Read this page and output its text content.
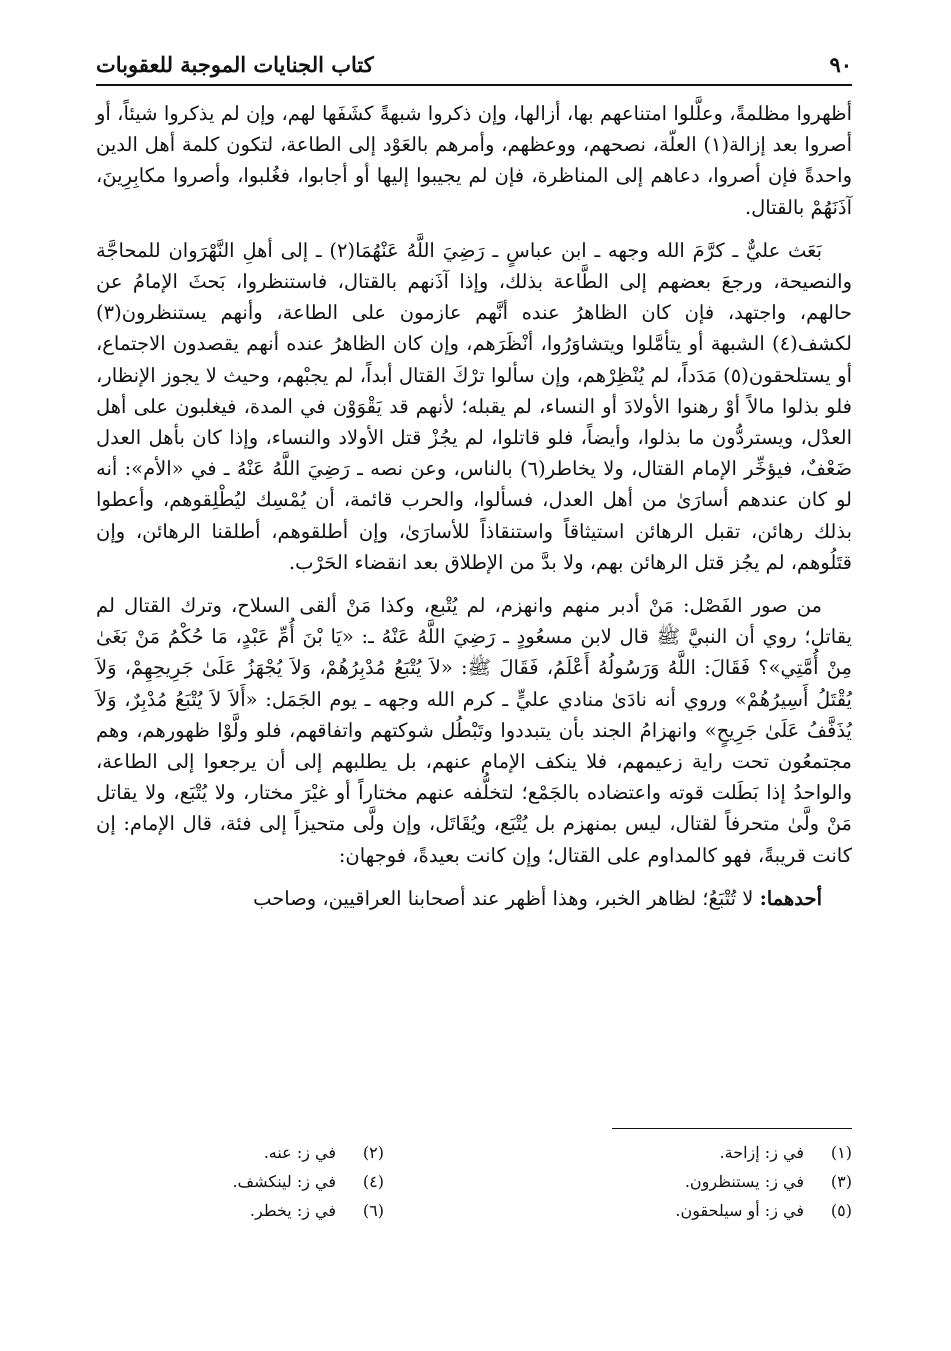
٩٠
كتاب الجنايات الموجبة للعقوبات

أظهروا مظلمةً، وعلَّلوا امتناعهم بها، أزالها، وإن ذكروا شبهةً كشَفَها لهم، وإن لم يذكروا شيئاً، أو أصروا بعد إزالة(١) العلّة، نصحهم، ووعظهم، وأمرهم بالعَوْد إلى الطاعة، لتكون كلمة أهل الدين واحدةً فإن أصروا، دعاهم إلى المناظرة، فإن لم يجيبوا إليها أو أجابوا، فغُلبوا، وأصروا مكابِرِينَ، آذَنَهُمْ بالقتال.

بَعَث عليٌّ ـ كرَّمَ الله وجهه ـ ابن عباسٍ ـ رَضِيَ اللَّهُ عَنْهُمَا(٢) ـ إلى أهلِ النَّهْرَوان للمحاجَّة والنصيحة، ورجعَ بعضهم إلى الطَّاعة بذلك، وإذا آذَنهم بالقتال، فاستنظروا، بَحثَ الإمامُ عن حالهم، واجتهد، فإن كان الظاهرُ عنده أنَّهم عازمون على الطاعة، وأنهم يستنظرون(٣) لكشف(٤) الشبهة أو يتأمَّلوا ويتشاوَرُوا، أنْظَرَهم، وإن كان الظاهرُ عنده أنهم يقصدون الاجتماع، أو يستلحقون(٥) مَدَداً، لم يُنْظِرْهم، وإن سألوا ترْكَ القتال أبداً، لم يجبْهم، وحيث لا يجوز الإنظار، فلو بذلوا مالاً أوْ رهنوا الأولادَ أو النساء، لم يقبله؛ لأنهم قد يَقْوَوْن في المدة، فيغلبون على أهل العدْل، ويستردُّون ما بذلوا، وأيضاً، فلو قاتلوا، لم يجُزْ قتل الأولاد والنساء، وإذا كان بأهل العدل ضَعْفٌ، فيؤخِّر الإمام القتال، ولا يخاطر(٦) بالناس، وعن نصه ـ رَضِيَ اللَّهُ عَنْهُ ـ في «الأم»: أنه لو كان عندهم أسارَىٰ من أهل العدل، فسألوا، والحرب قائمة، أن يُمْسِك ليُطْلِقوهم، وأعطوا بذلك رهائن، تقبل الرهائن استيثاقاً واستنقاذاً للأسارَىٰ، وإن أطلقوهم، أطلقنا الرهائن، وإن قتَلُوهم، لم يجُز قتل الرهائن بهم، ولا بدَّ من الإطلاق بعد انقضاء الحَرْب.

من صور الفَصْل: مَنْ أدبر منهم وانهزم، لم يُتْبع، وكذا مَنْ ألقى السلاح، وترك القتال لم يقاتل؛ روي أن النبيَّ ﷺ قال لابن مسعُودٍ ـ رَضِيَ اللَّهُ عَنْهُ ـ: «يَا بْنَ أُمِّ عَبْدٍ، مَا حُكْمُ مَنْ بَغَىٰ مِنْ أُمَّتِي»؟ فَقَالَ: اللَّهُ وَرَسُولُهُ أَعْلَمُ، فَقَالَ ﷺ: «لاَ يُتْبَعُ مُدْبِرُهُمْ، وَلاَ يُجْهَزُ عَلَىٰ جَرِيحِهِمْ، وَلاَ يُقْتَلُ أَسِيرُهُمْ» وروي أنه نادَىٰ منادي عليٍّ ـ كرم الله وجهه ـ يوم الجَمَل: «أَلاَ لاَ يُتْبَعُ مُدْبِرٌ، وَلاَ يُذَفَّفُ عَلَىٰ جَرِيحٍ» وانهزامُ الجند بأن يتبددوا وتَبْطُل شوكتهم واتفاقهم، فلو ولَّوْا ظهورهم، وهم مجتمعُون تحت راية زعيمهم، فلا ينكف الإمام عنهم، بل يطلبهم إلى أن يرجعوا إلى الطاعة، والواحدُ إذا بَطَلت قوته واعتضاده بالجَمْع؛ لتخلُّفه عنهم مختاراً أو غيْرَ مختار، ولا يُتْبَع، ولا يقاتل مَنْ ولَّىٰ متحرفاً لقتال، ليس بمنهزم بل يُتْبَع، ويُقَاتَل، وإن ولَّى متحيزاً إلى فئة، قال الإمام: إن كانت قريبةً، فهو كالمداوم على القتال؛ وإن كانت بعيدةً، فوجهان:

أحدهما: لا تُتْبَعُ؛ لظاهر الخبر، وهذا أظهر عند أصحابنا العراقيين، وصاحب

(١)
في ز: إزاحة.
(٢)
في ز: عنه.
(٣)
في ز: يستنظرون.
(٤)
في ز: لينكشف.
(٥)
في ز: أو سيلحقون.
(٦)
في ز: يخطر.
